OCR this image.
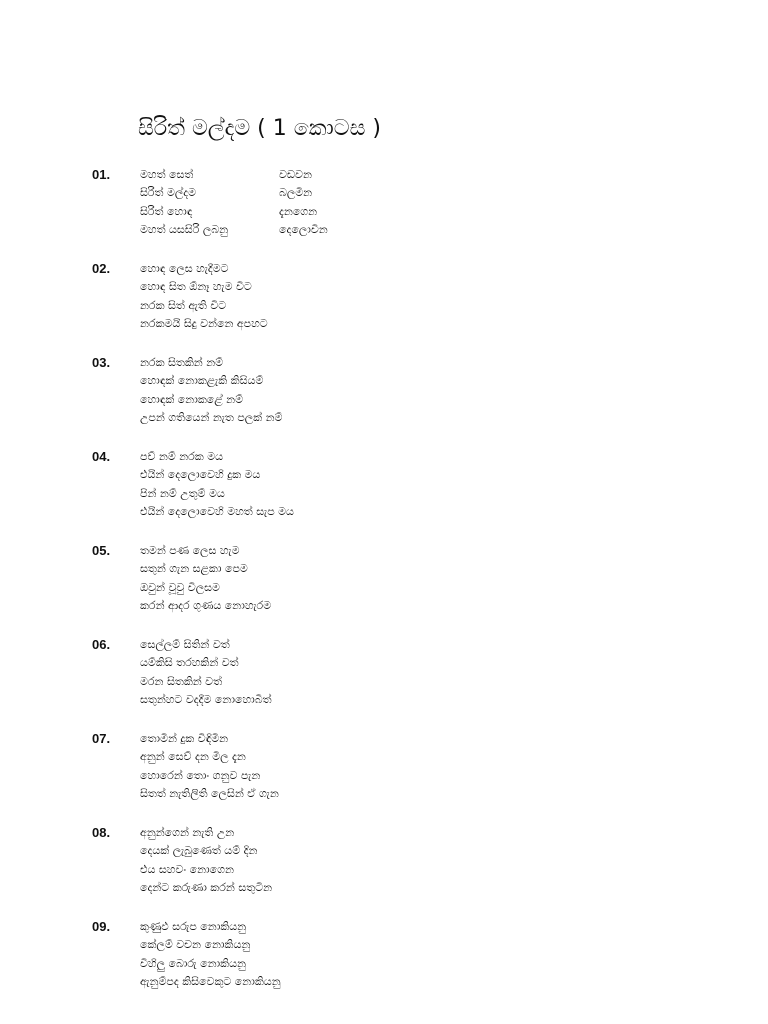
සිරිත් මල්දම ( 1 කොටස )
01.	මහත් සෙත්	වඩවන
සිරිත් මල්දම	බලමින
සිරිත් හොඳ	දැනගෙන
මහත් යසසිරි ලබනු	දෙලොවින
02.	හොඳ ලෙස හැදීමට
හොඳ සිත ඕනෑ හැම විට
නරක සිත් ඇති විට
නරකමයි සිදු වන්නෙ අපහට
03.	නරක සිතකින් නම්
හොඳක් නොකළැකි කිසියම්
හොඳක් නොකළේ නම්
උපන් ගතියෙන් නැත පලක් නම්
04.	පව් නම් නරක මය
එයින් දෙලොවෙහි දුක මය
පින් නම් උතුම් මය
එයින් දෙලොවෙහි මහත් සැප මය
05.	තමන් පණ ලෙස හැම
සතුන් ගැන සළකා පෙම
ඔවුන් වූවු විලසම
කරන් ආදර ගුණය නොහැරම
06.	සෙල්ලම් සිතින් වත්
යම්කිසි තරහකින් වත්
මරන සිතකින් වත්
සතුන්හට වදදීම නොහොබීත්
07.	තොමින් දුක විඳිමින
අනුන් සෙව් දන මිල දැන
හොරෙන් තොං ගනුව පැන
සිතත් නැතිලිති ලෙසින් ඒ ගැන
08.	අනුන්ගෙන් නැති උන
දෙයක් ලැබුණෙත් යම් දින
එය සහවං නොගෙන
දෙන්ට කරුණා කරන් සතුටින
09.	කුණුඵ සරුප නොකියනු
කේලම් වචන නොකියනු
විහිලු බොරු නොකියනු
ඇනුම්පද කිසිවෙකුට නොකියනු
